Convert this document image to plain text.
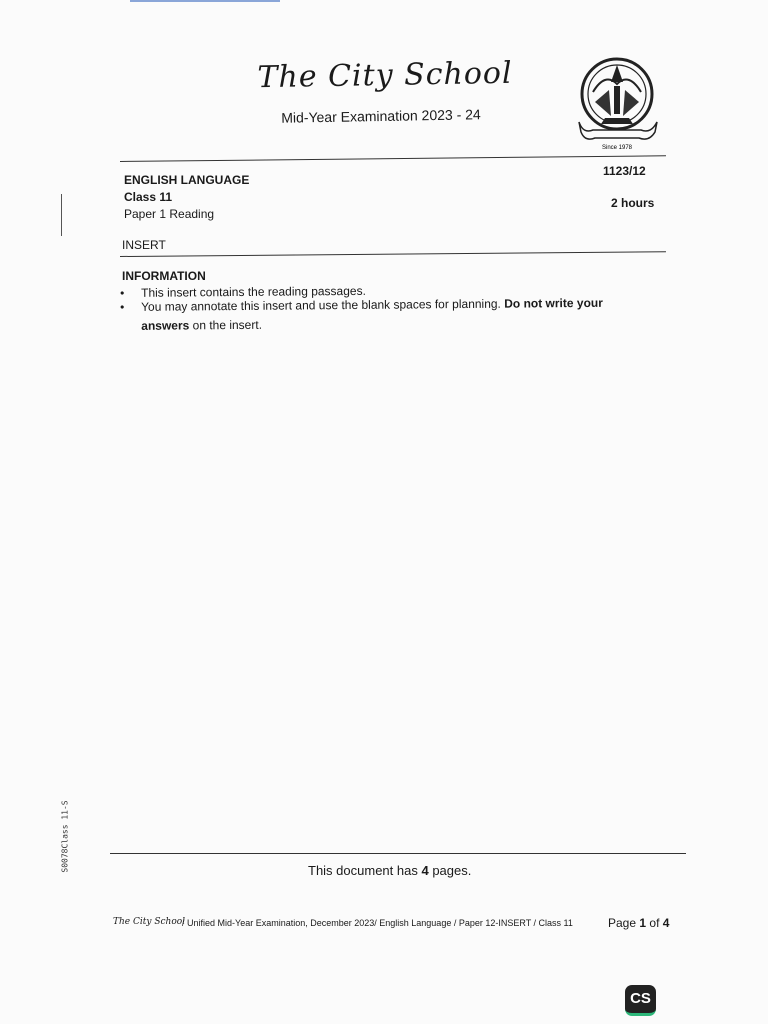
The City School
Mid-Year Examination 2023 - 24
Since 1978
ENGLISH LANGUAGE
Class 11
Paper 1 Reading
1123/12
2 hours
INSERT
INFORMATION
• This insert contains the reading passages.
• You may annotate this insert and use the blank spaces for planning. Do not write your
answers on the insert.
S0078Class 11-S	This document has 4 pages.
The City School
/ Unified Mid-Year Examination, December 2023/ English Language / Paper 12-INSERT / Class 11	Page 1 of 4
CS
